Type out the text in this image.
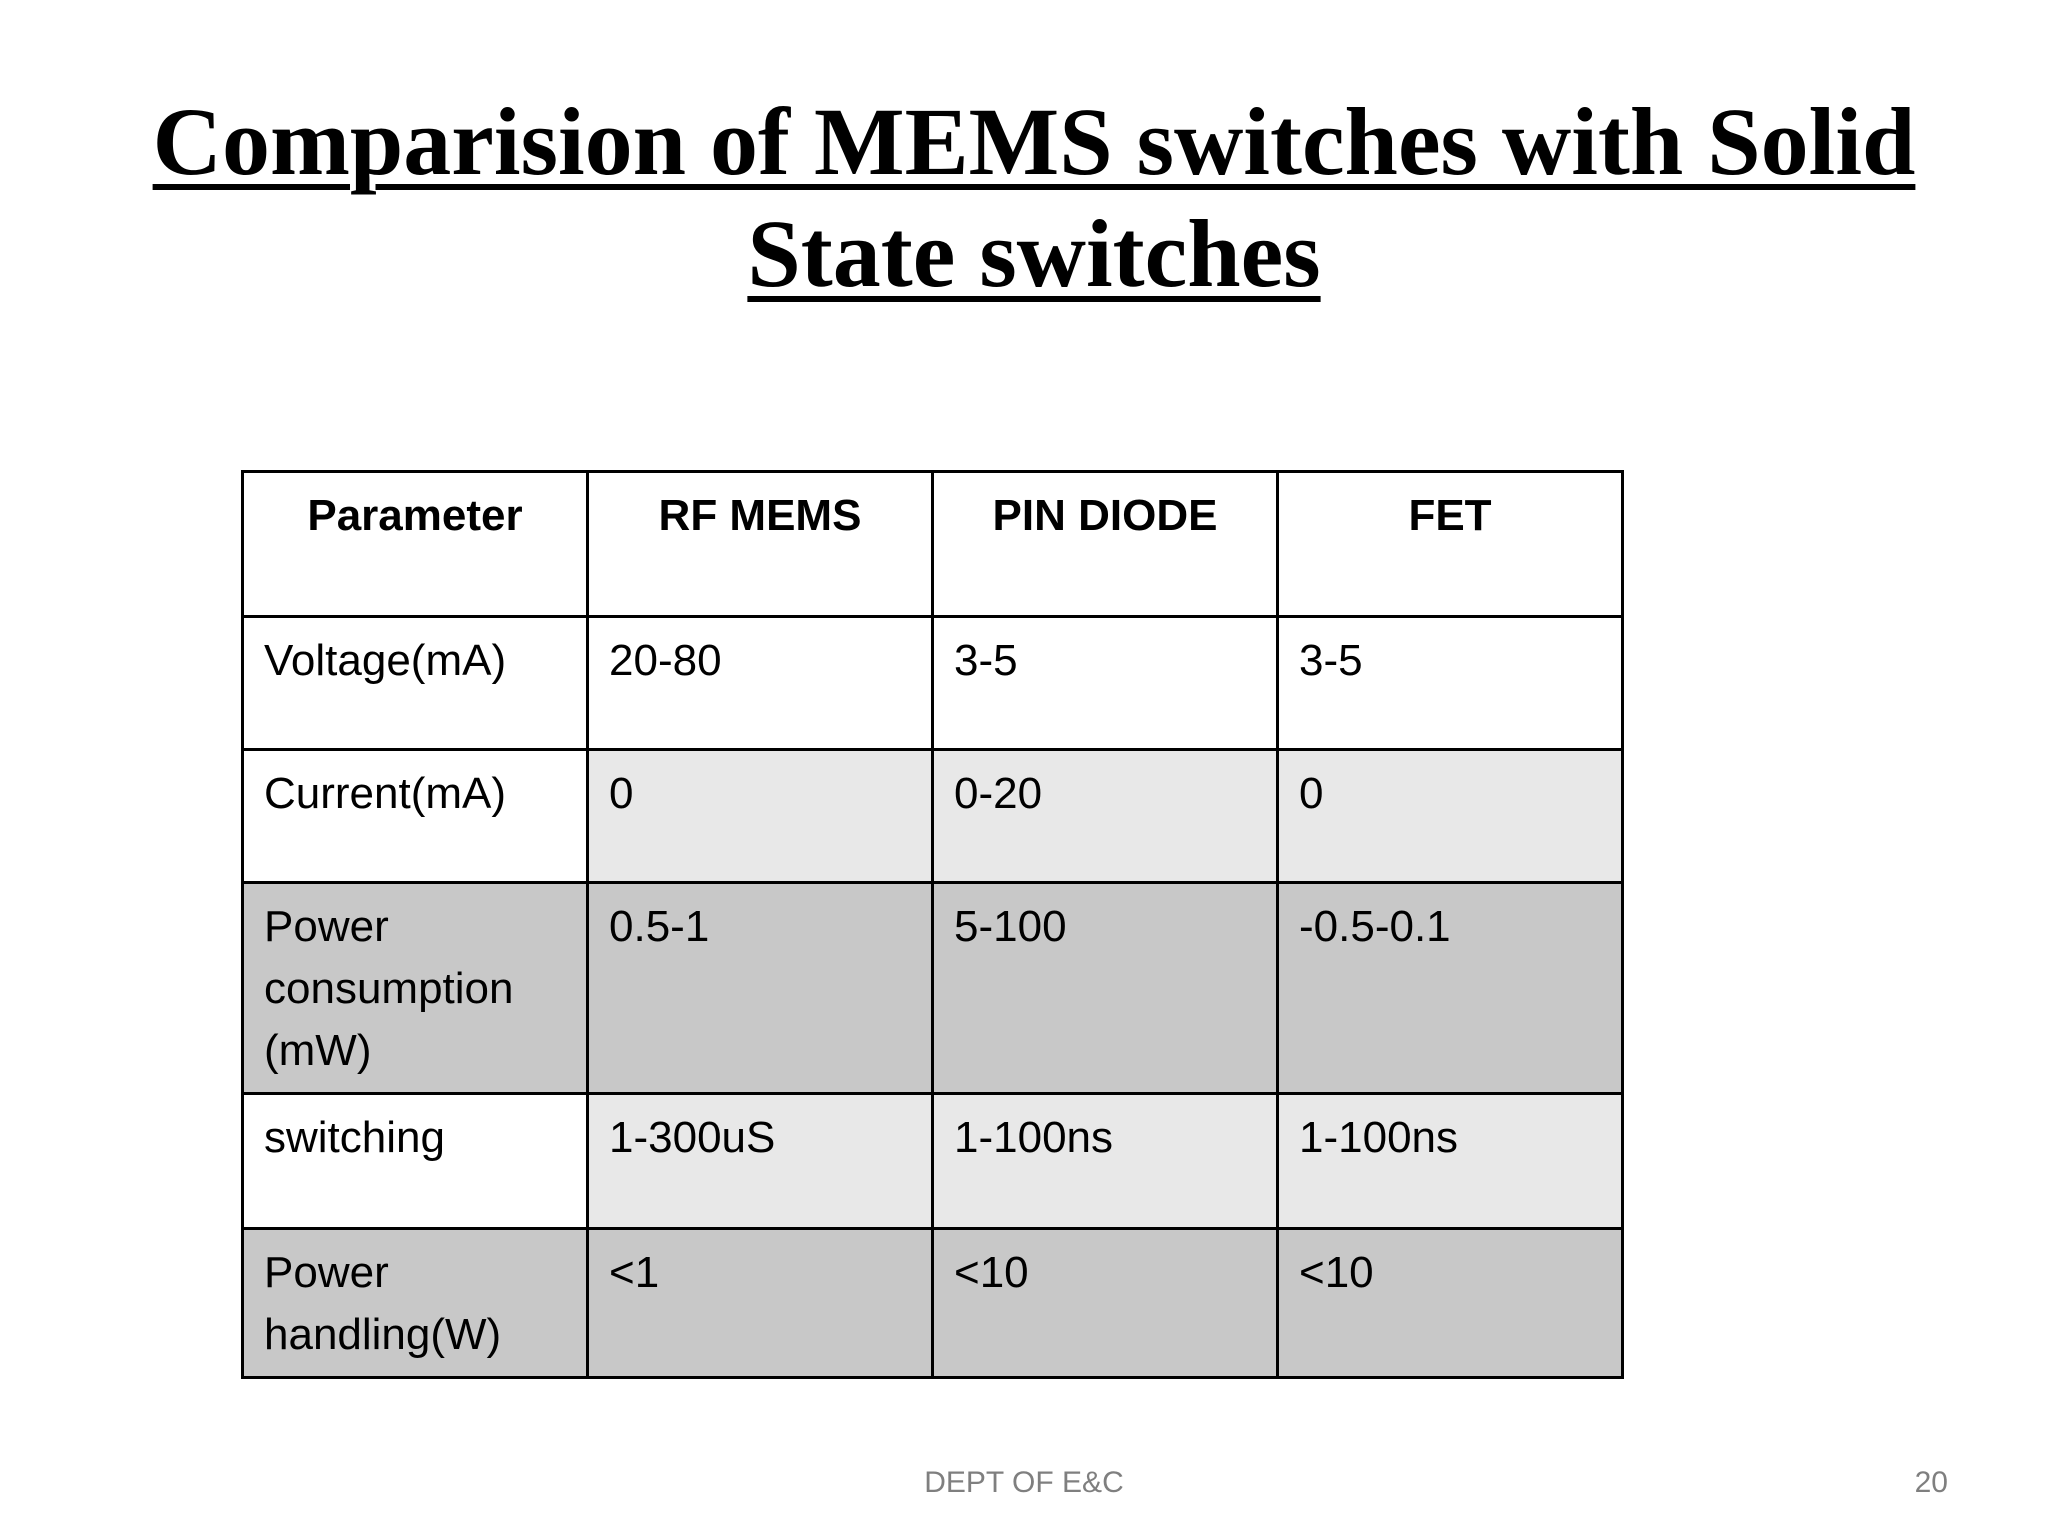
Comparision of MEMS switches with Solid State switches
Parameter	RF MEMS	PIN DIODE	FET
Voltage(mA)	20-80	3-5	3-5
Current(mA)	0	0-20	0
Power consumption (mW)	0.5-1	5-100	-0.5-0.1
switching	1-300uS	1-100ns	1-100ns
Power handling(W)	<1	<10	<10
DEPT OF E&C	20
